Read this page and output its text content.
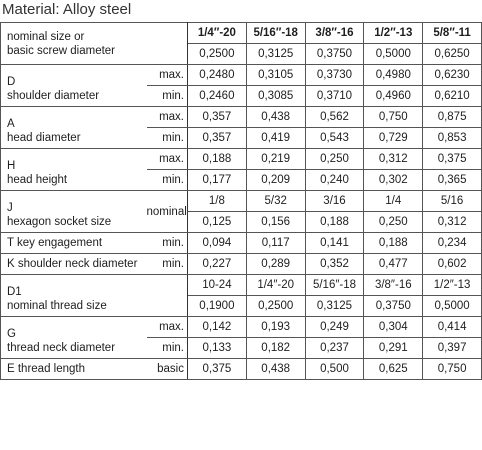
Material: Alloy steel
nominal size or
basic screw diameter		1/4″-20	5/16″-18	3/8″-16	1/2″-13	5/8″-11
		0,2500	0,3125	0,3750	0,5000	0,6250
D
shoulder diameter	max.	0,2480	0,3105	0,3730	0,4980	0,6230
	min.	0,2460	0,3085	0,3710	0,4960	0,6210
A
head diameter	max.	0,357	0,438	0,562	0,750	0,875
	min.	0,357	0,419	0,543	0,729	0,853
H
head height	max.	0,188	0,219	0,250	0,312	0,375
	min.	0,177	0,209	0,240	0,302	0,365
J
hexagon socket size	nominal	1/8	5/32	3/16	1/4	5/16
		0,125	0,156	0,188	0,250	0,312
T key engagement	min.	0,094	0,117	0,141	0,188	0,234
K shoulder neck diameter	min.	0,227	0,289	0,352	0,477	0,602
D1
nominal thread size		10-24	1/4″-20	5/16″-18	3/8″-16	1/2″-13
		0,1900	0,2500	0,3125	0,3750	0,5000
G
thread neck diameter	max.	0,142	0,193	0,249	0,304	0,414
	min.	0,133	0,182	0,237	0,291	0,397
E thread length	basic	0,375	0,438	0,500	0,625	0,750
